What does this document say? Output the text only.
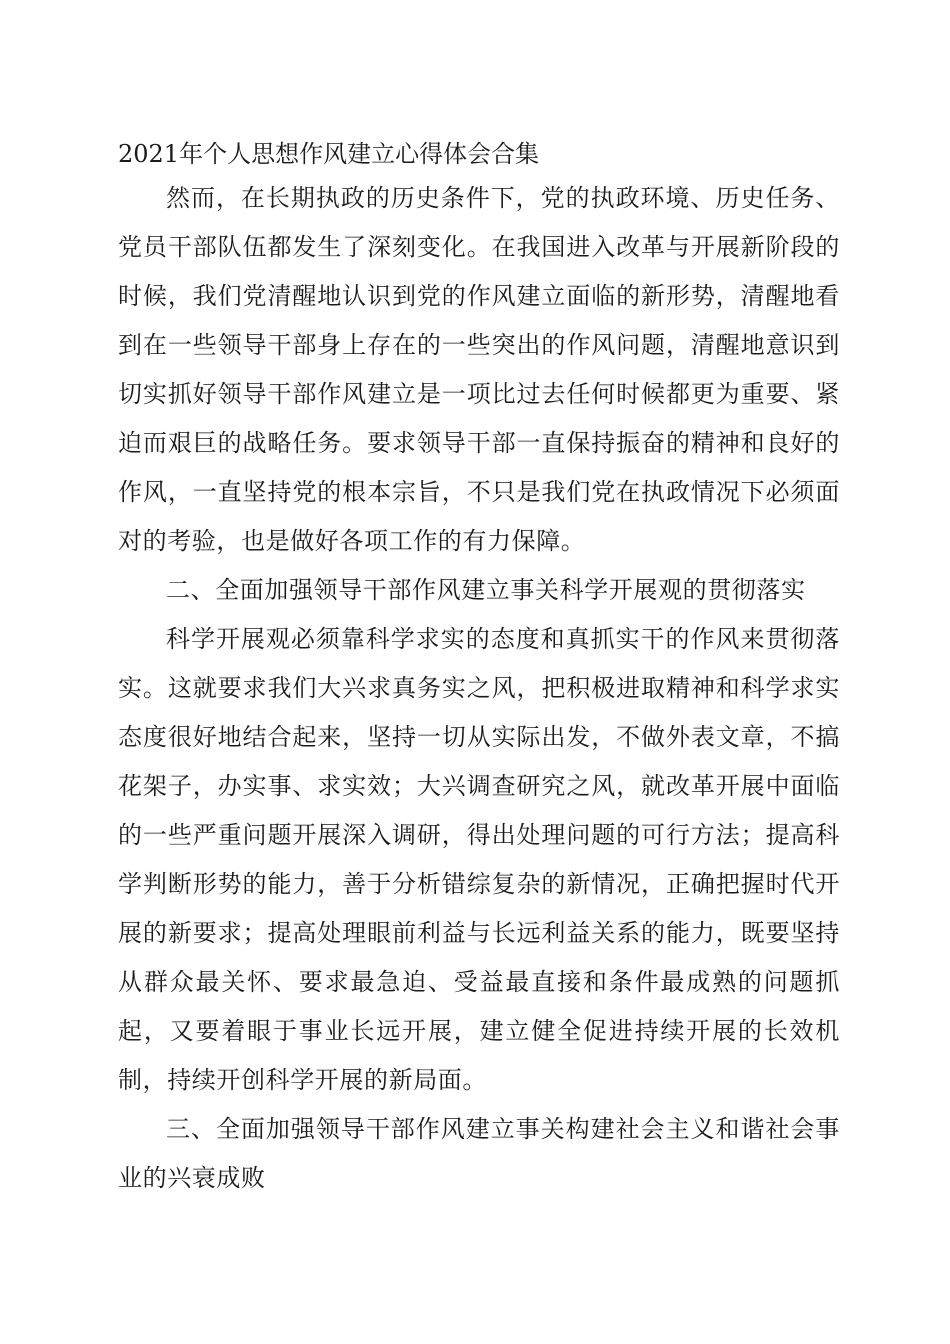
2021年个人思想作风建立心得体会合集

然而，在长期执政的历史条件下，党的执政环境、历史任务、党员干部队伍都发生了深刻变化。在我国进入改革与开展新阶段的时候，我们党清醒地认识到党的作风建立面临的新形势，清醒地看到在一些领导干部身上存在的一些突出的作风问题，清醒地意识到切实抓好领导干部作风建立是一项比过去任何时候都更为重要、紧迫而艰巨的战略任务。要求领导干部一直保持振奋的精神和良好的作风，一直坚持党的根本宗旨，不只是我们党在执政情况下必须面对的考验，也是做好各项工作的有力保障。

二、全面加强领导干部作风建立事关科学开展观的贯彻落实

科学开展观必须靠科学求实的态度和真抓实干的作风来贯彻落实。这就要求我们大兴求真务实之风，把积极进取精神和科学求实态度很好地结合起来，坚持一切从实际出发，不做外表文章，不搞花架子，办实事、求实效；大兴调查研究之风，就改革开展中面临的一些严重问题开展深入调研，得出处理问题的可行方法；提高科学判断形势的能力，善于分析错综复杂的新情况，正确把握时代开展的新要求；提高处理眼前利益与长远利益关系的能力，既要坚持从群众最关怀、要求最急迫、受益最直接和条件最成熟的问题抓起，又要着眼于事业长远开展，建立健全促进持续开展的长效机制，持续开创科学开展的新局面。

三、全面加强领导干部作风建立事关构建社会主义和谐社会事业的兴衰成败
